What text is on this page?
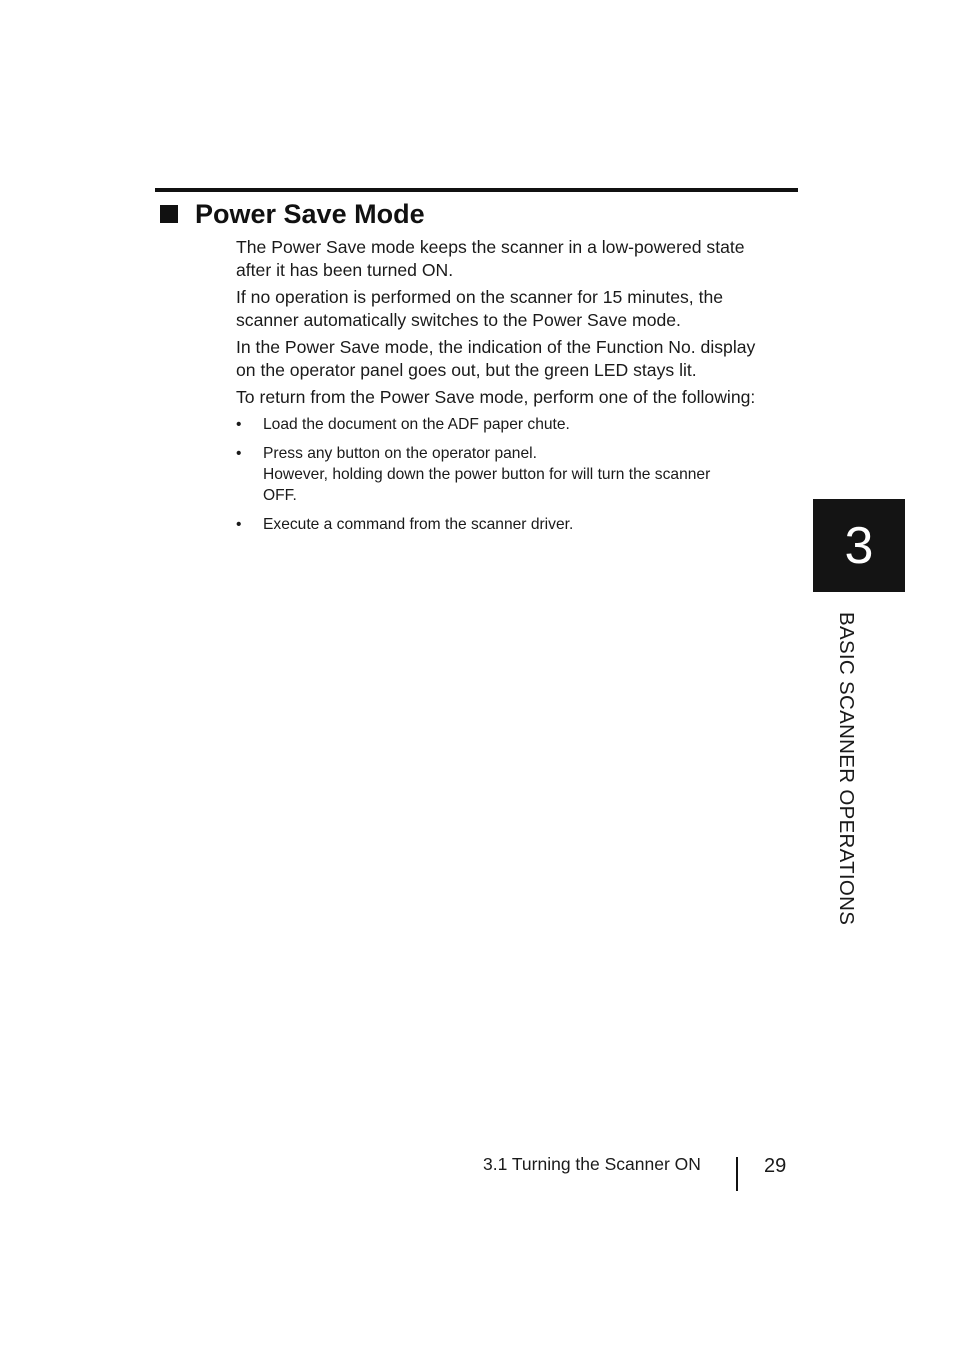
Power Save Mode

The Power Save mode keeps the scanner in a low-powered state
after it has been turned ON.

If no operation is performed on the scanner for 15 minutes, the
scanner automatically switches to the Power Save mode.

In the Power Save mode, the indication of the Function No. display
on the operator panel goes out, but the green LED stays lit.

To return from the Power Save mode, perform one of the following:

• Load the document on the ADF paper chute.
• Press any button on the operator panel.
However, holding down the power button for will turn the scanner
OFF.
• Execute a command from the scanner driver.	3
BASIC SCANNER OPERATIONS
3.1 Turning the Scanner ON	29
